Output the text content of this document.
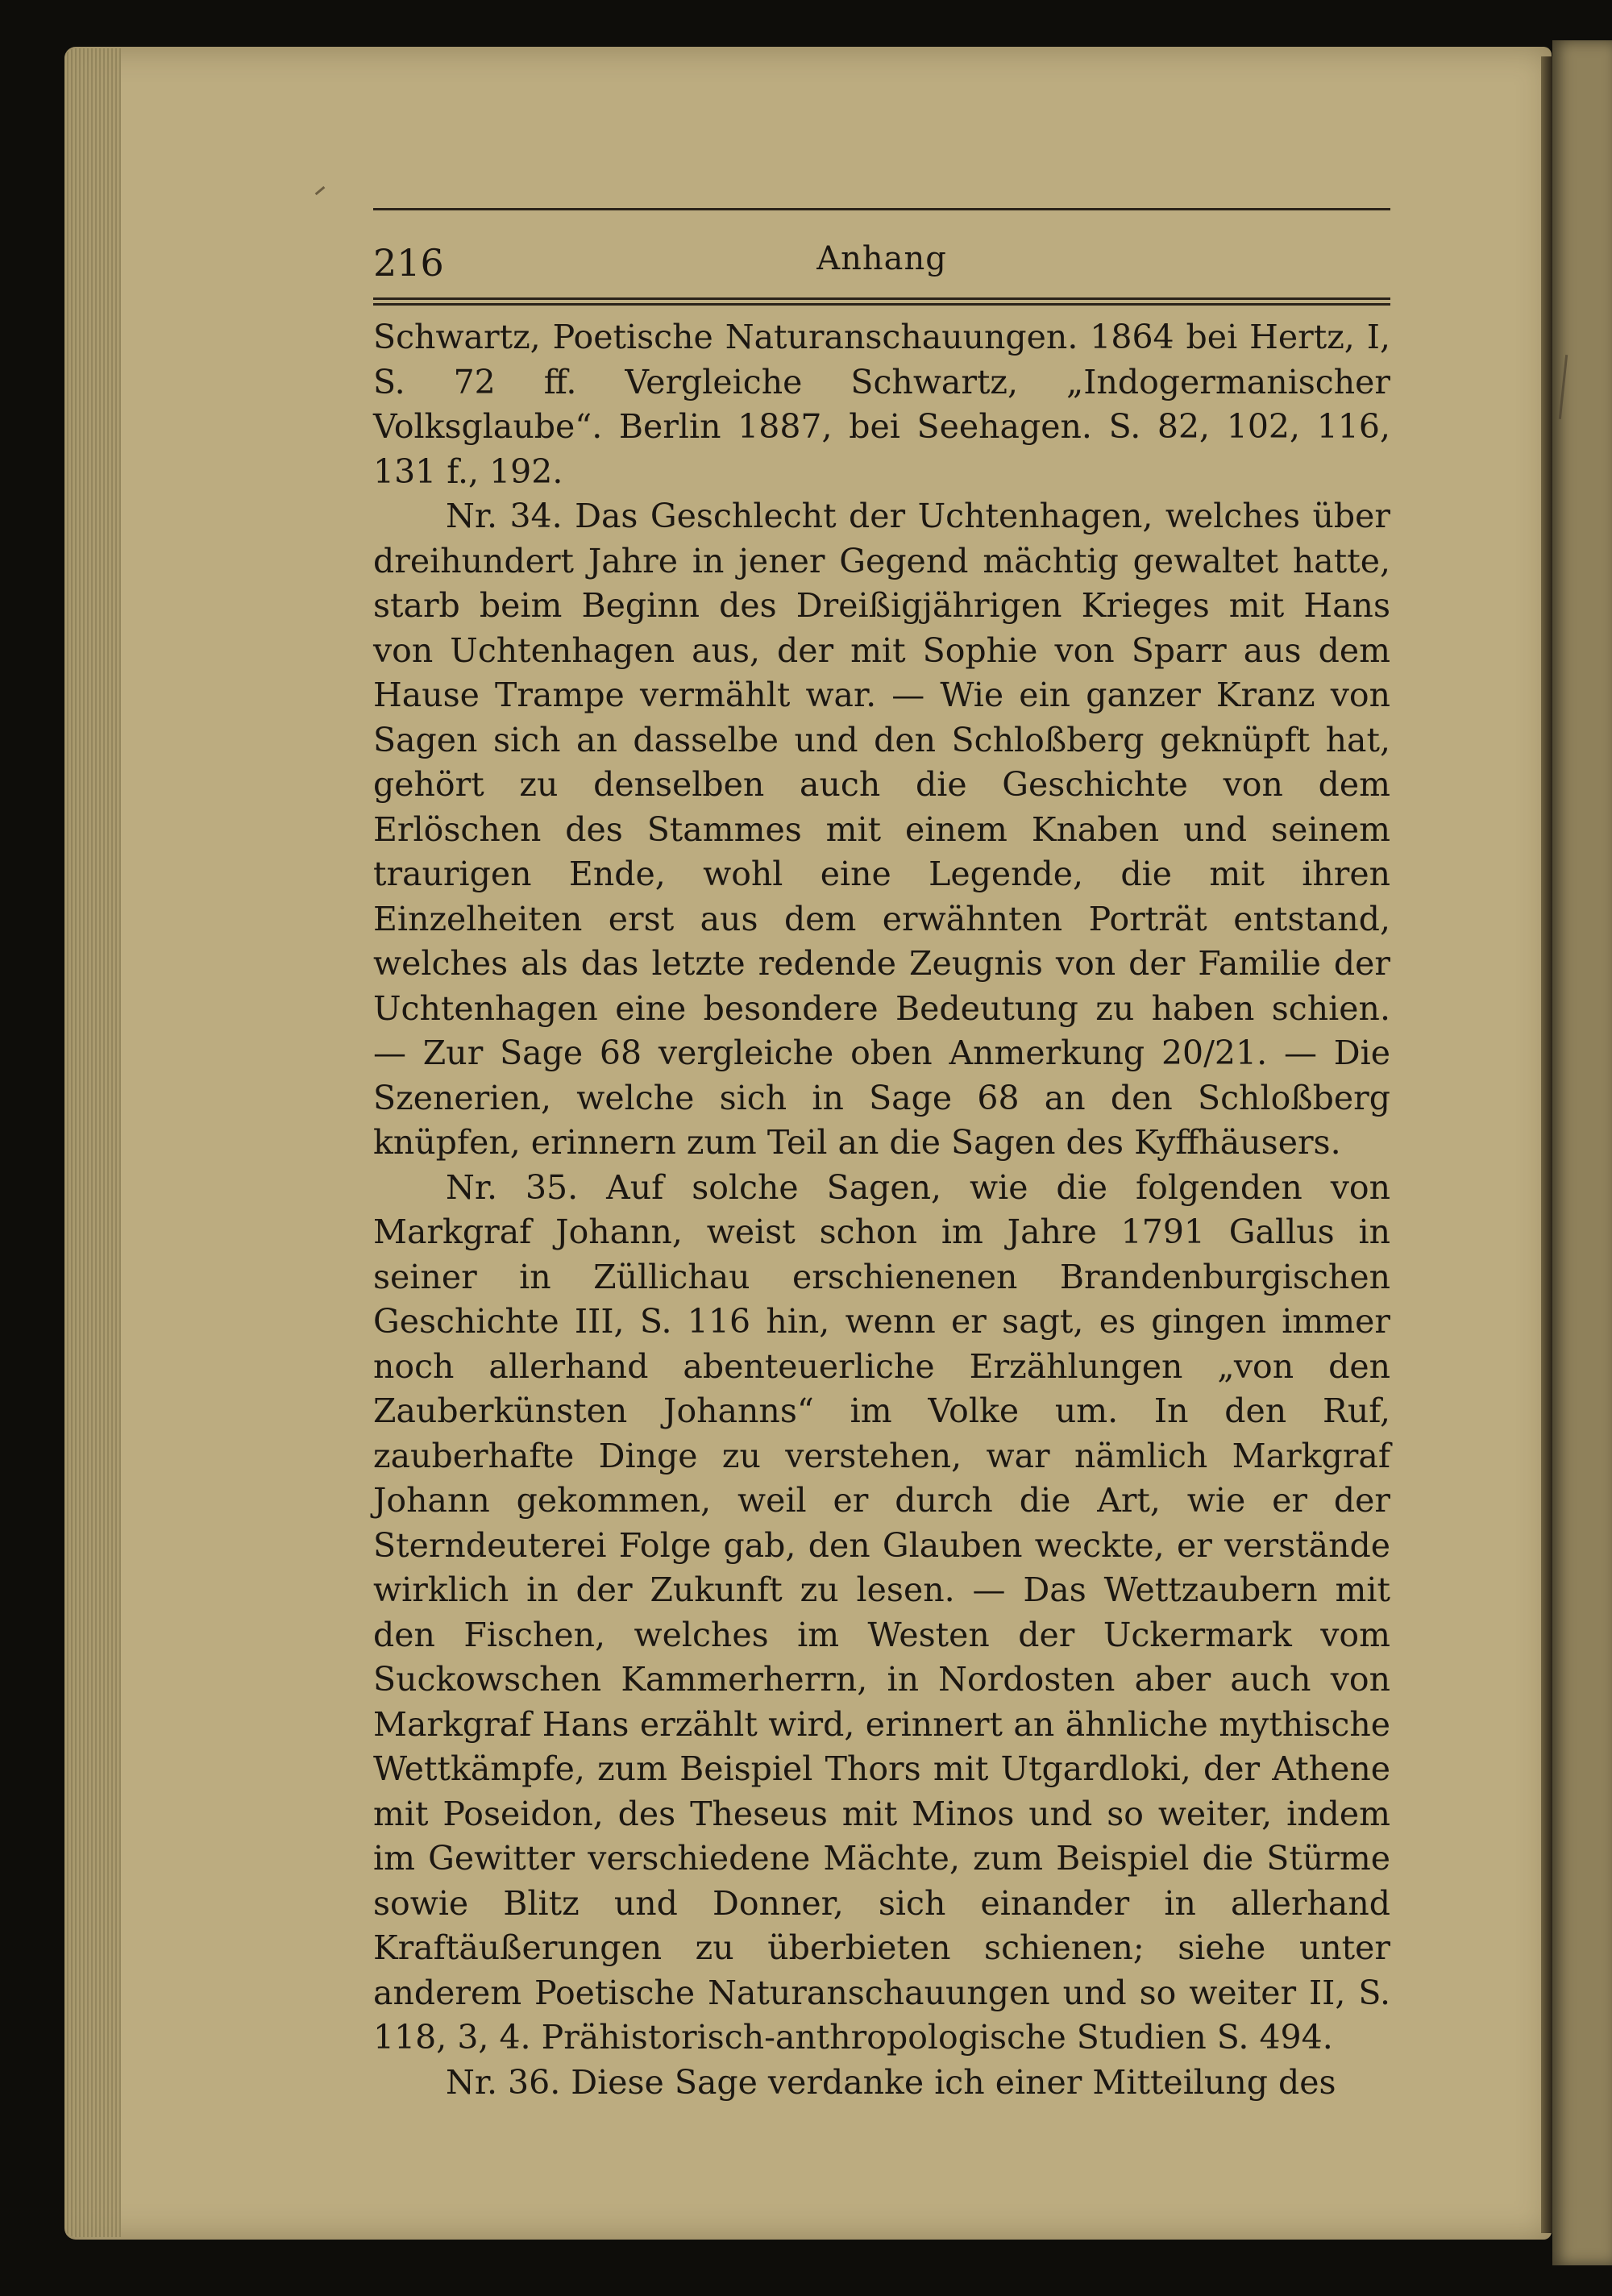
216	Anhang

Schwartz, Poetische Naturanschauungen. 1864 bei Hertz, I, S. 72 ff. Vergleiche Schwartz, „Indogermanischer Volksglaube“. Berlin 1887, bei Seehagen. S. 82, 102, 116, 131 f., 192.

Nr. 34. Das Geschlecht der Uchtenhagen, welches über dreihundert Jahre in jener Gegend mächtig gewaltet hatte, starb beim Beginn des Dreißigjährigen Krieges mit Hans von Uchtenhagen aus, der mit Sophie von Sparr aus dem Hause Trampe vermählt war. — Wie ein ganzer Kranz von Sagen sich an dasselbe und den Schloßberg geknüpft hat, gehört zu denselben auch die Geschichte von dem Erlöschen des Stammes mit einem Knaben und seinem traurigen Ende, wohl eine Legende, die mit ihren Einzelheiten erst aus dem erwähnten Porträt entstand, welches als das letzte redende Zeugnis von der Familie der Uchtenhagen eine besondere Bedeutung zu haben schien. — Zur Sage 68 vergleiche oben Anmerkung 20/21. — Die Szenerien, welche sich in Sage 68 an den Schloßberg knüpfen, erinnern zum Teil an die Sagen des Kyffhäusers.

Nr. 35. Auf solche Sagen, wie die folgenden von Markgraf Johann, weist schon im Jahre 1791 Gallus in seiner in Züllichau erschienenen Brandenburgischen Geschichte III, S. 116 hin, wenn er sagt, es gingen immer noch allerhand abenteuerliche Erzählungen „von den Zauberkünsten Johanns“ im Volke um. In den Ruf, zauberhafte Dinge zu verstehen, war nämlich Markgraf Johann gekommen, weil er durch die Art, wie er der Sterndeuterei Folge gab, den Glauben weckte, er verstände wirklich in der Zukunft zu lesen. — Das Wettzaubern mit den Fischen, welches im Westen der Uckermark vom Suckowschen Kammerherrn, in Nordosten aber auch von Markgraf Hans erzählt wird, erinnert an ähnliche mythische Wettkämpfe, zum Beispiel Thors mit Utgardloki, der Athene mit Poseidon, des Theseus mit Minos und so weiter, indem im Gewitter verschiedene Mächte, zum Beispiel die Stürme sowie Blitz und Donner, sich einander in allerhand Kraftäußerungen zu überbieten schienen; siehe unter anderem Poetische Naturanschauungen und so weiter II, S. 118, 3, 4. Prähistorisch-anthropologische Studien S. 494.

Nr. 36. Diese Sage verdanke ich einer Mitteilung des
